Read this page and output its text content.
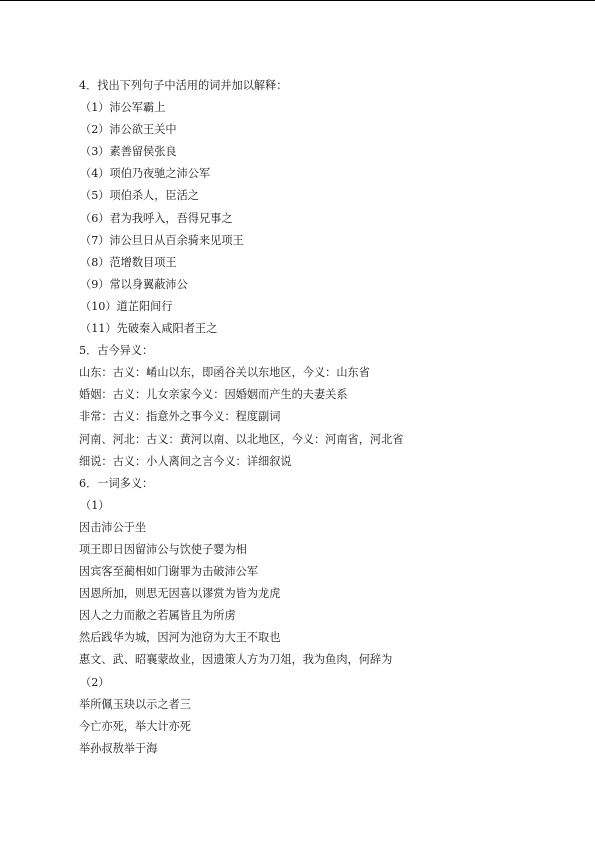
4．找出下列句子中活用的词并加以解释：
（1）沛公军霸上
（2）沛公欲王关中
（3）素善留侯张良
（4）项伯乃夜驰之沛公军
（5）项伯杀人，臣活之
（6）君为我呼入，吾得兄事之
（7）沛公旦日从百余骑来见项王
（8）范增数目项王
（9）常以身翼蔽沛公
（10）道芷阳间行
（11）先破秦入咸阳者王之
5．古今异义：
山东：古义：崤山以东，即函谷关以东地区，今义：山东省
婚姻：古义：儿女亲家今义：因婚姻而产生的夫妻关系
非常：古义：指意外之事今义：程度副词
河南、河北：古义：黄河以南、以北地区，今义：河南省，河北省
细说：古义：小人离间之言今义：详细叙说
6．一词多义：
（1）
因击沛公于坐
项王即日因留沛公与饮使子婴为相
因宾客至蔺相如门谢罪为击破沛公军
因恩所加，则思无因喜以谬赏为皆为龙虎
因人之力而敝之若属皆且为所虏
然后践华为城，因河为池窃为大王不取也
惠文、武、昭襄蒙故业，因遗策人方为刀俎，我为鱼肉，何辞为
（2）
举所佩玉玦以示之者三
今亡亦死，举大计亦死
举孙叔敖举于海
